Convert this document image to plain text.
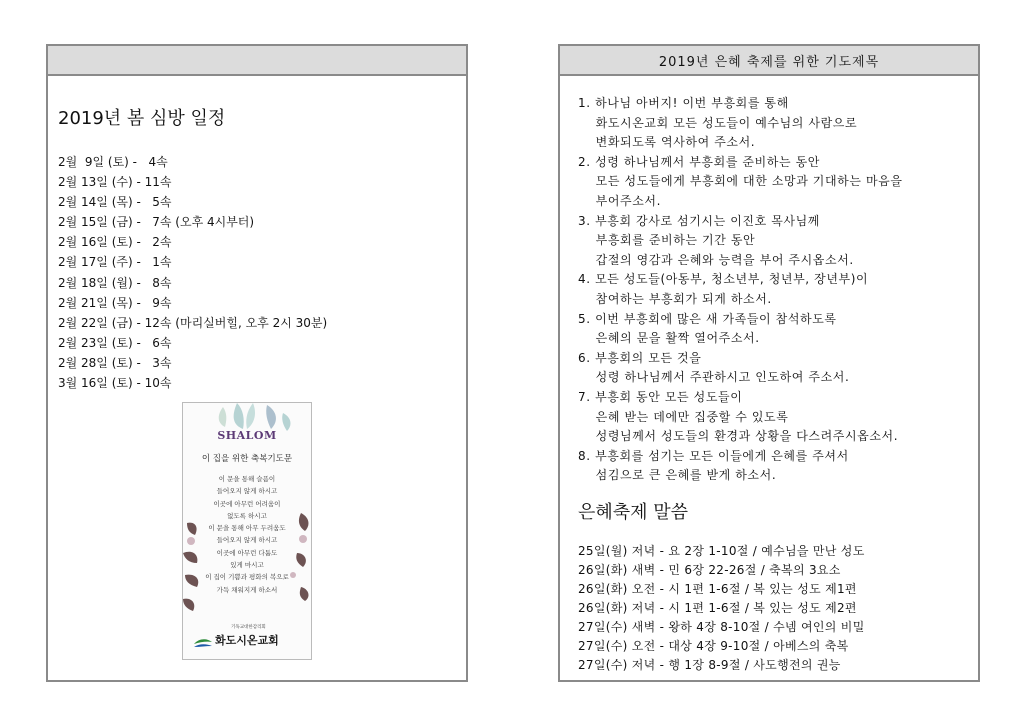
2019년 봄 심방 일정
2월  9일 (토) -   4속
2월 13일 (수) - 11속
2월 14일 (목) -   5속
2월 15일 (금) -   7속 (오후 4시부터)
2월 16일 (토) -   2속
2월 17일 (주) -   1속
2월 18일 (월) -   8속
2월 21일 (목) -   9속
2월 22일 (금) - 12속 (마리실버힐, 오후 2시 30분)
2월 23일 (토) -   6속
2월 28일 (토) -   3속
3월 16일 (토) - 10속
SHALOM
이 집을 위한 축복기도문
이 문을 통해 슬픔이
들어오지 않게 하시고
이곳에 아무런 어려움이
없도록 하시고
이 문을 통해 아무 두려움도
들어오지 않게 하시고
이곳에 아무런 다툼도
있게 마시고
이 집이 기쁨과 평화의 복으로
가득 채워지게 하소서
기독교대한감리회
화도시온교회
2019년 은혜 축제를 위한 기도제목
1. 하나님 아버지! 이번 부흥회를 통해
화도시온교회 모든 성도들이 예수님의 사람으로
변화되도록 역사하여 주소서.
2. 성령 하나님께서 부흥회를 준비하는 동안
모든 성도들에게 부흥회에 대한 소망과 기대하는 마음을
부어주소서.
3. 부흥회 강사로 섬기시는 이진호 목사님께
부흥회를 준비하는 기간 동안
갑절의 영감과 은혜와 능력을 부어 주시옵소서.
4. 모든 성도들(아동부, 청소년부, 청년부, 장년부)이
참여하는 부흥회가 되게 하소서.
5. 이번 부흥회에 많은 새 가족들이 참석하도록
은혜의 문을 활짝 열어주소서.
6. 부흥회의 모든 것을
성령 하나님께서 주관하시고 인도하여 주소서.
7. 부흥회 동안 모든 성도들이
은혜 받는 데에만 집중할 수 있도록
성령님께서 성도들의 환경과 상황을 다스려주시옵소서.
8. 부흥회를 섬기는 모든 이들에게 은혜를 주셔서
섬김으로 큰 은혜를 받게 하소서.
은혜축제 말씀
25일(월) 저녁 - 요 2장 1-10절 / 예수님을 만난 성도
26일(화) 새벽 - 민 6장 22-26절 / 축복의 3요소
26일(화) 오전 - 시 1편 1-6절 / 복 있는 성도 제1편
26일(화) 저녁 - 시 1편 1-6절 / 복 있는 성도 제2편
27일(수) 새벽 - 왕하 4장 8-10절 / 수넴 여인의 비밀
27일(수) 오전 - 대상 4장 9-10절 / 아베스의 축복
27일(수) 저녁 - 행 1장 8-9절 / 사도행전의 권능
